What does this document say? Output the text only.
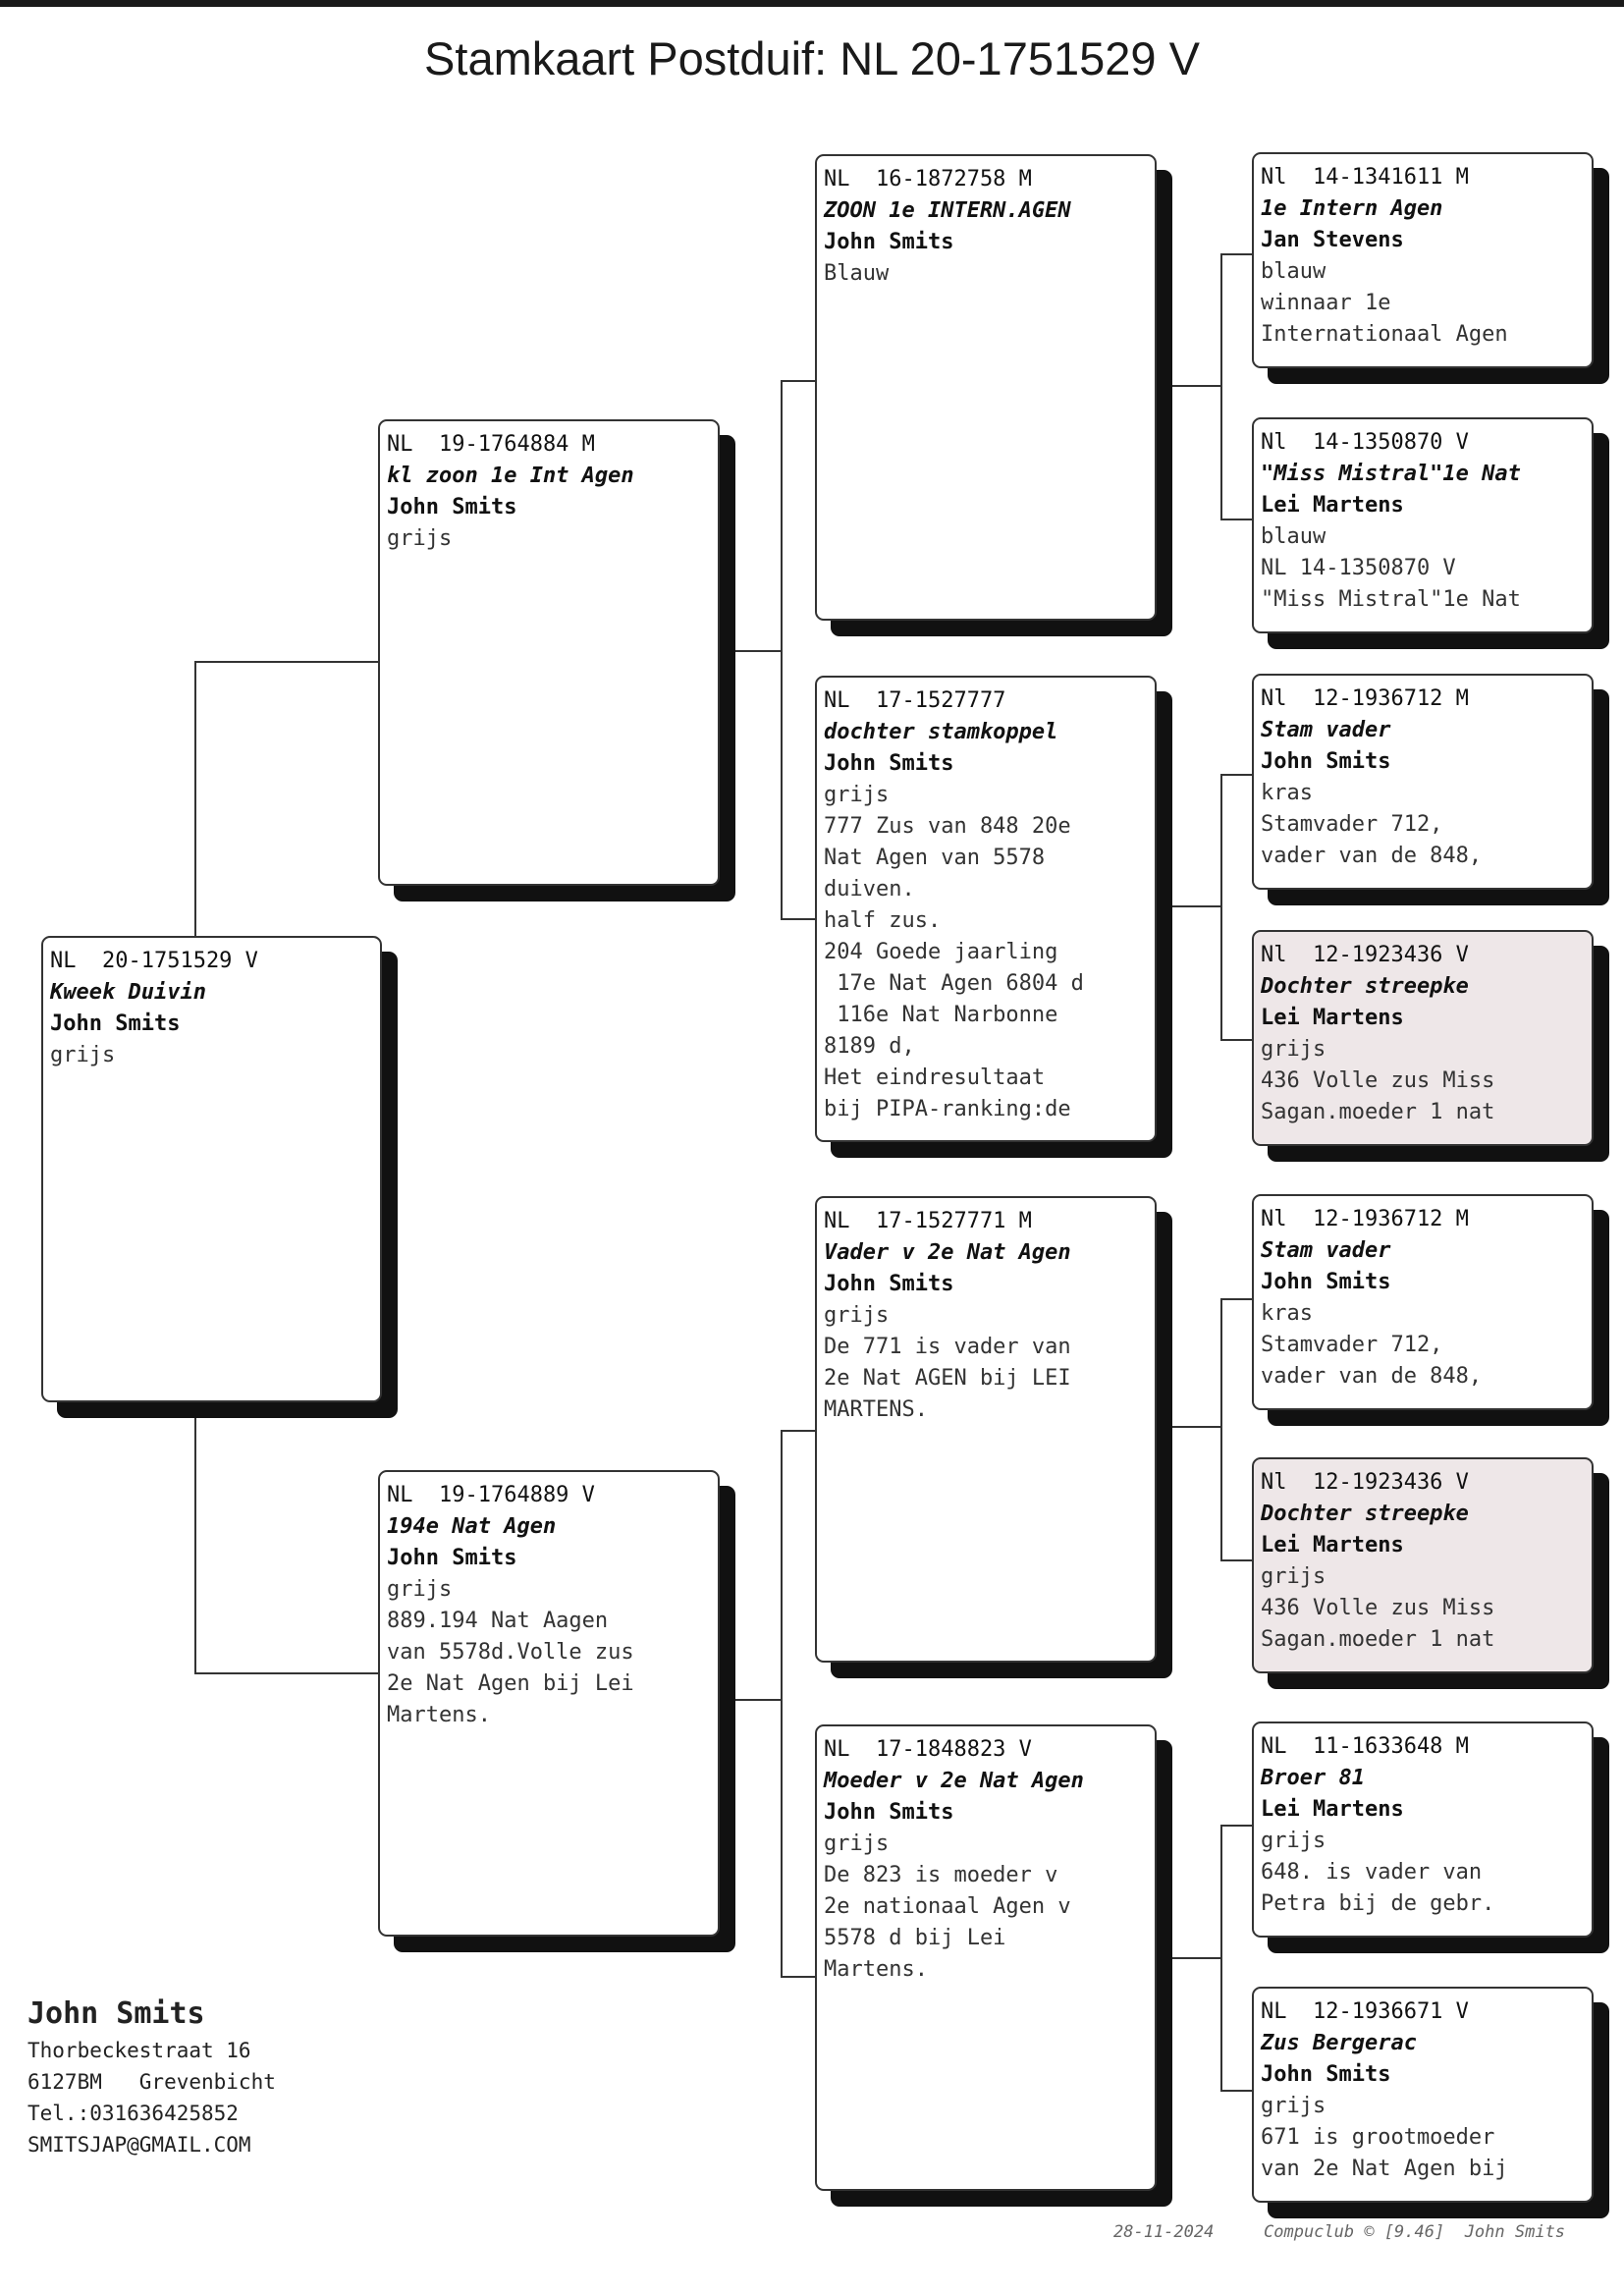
Stamkaart Postduif: NL 20-1751529 V
NL  20-1751529 V
Kweek Duivin
John Smits
grijs
NL  19-1764884 M
kl zoon 1e Int Agen
John Smits
grijs
NL  19-1764889 V
194e Nat Agen
John Smits
grijs
889.194 Nat Aagen
van 5578d.Volle zus
2e Nat Agen bij Lei
Martens.
NL  16-1872758 M
ZOON 1e INTERN.AGEN
John Smits
Blauw
NL  17-1527777
dochter stamkoppel
John Smits
grijs
777 Zus van 848 20e
Nat Agen van 5578
duiven.
half zus.
204 Goede jaarling
17e Nat Agen 6804 d
116e Nat Narbonne
8189 d,
Het eindresultaat
bij PIPA-ranking:de
NL  17-1527771 M
Vader v 2e Nat Agen
John Smits
grijs
De 771 is vader van
2e Nat AGEN bij LEI
MARTENS.
NL  17-1848823 V
Moeder v 2e Nat Agen
John Smits
grijs
De 823 is moeder v
2e nationaal Agen v
5578 d bij Lei
Martens.
Nl  14-1341611 M
1e Intern Agen
Jan Stevens
blauw
winnaar 1e
Internationaal Agen
Nl  14-1350870 V
"Miss Mistral"1e Nat
Lei Martens
blauw
NL 14-1350870 V
"Miss Mistral"1e Nat
Nl  12-1936712 M
Stam vader
John Smits
kras
Stamvader 712,
vader van de 848,
Nl  12-1923436 V
Dochter streepke
Lei Martens
grijs
436 Volle zus Miss
Sagan.moeder 1 nat
Nl  12-1936712 M
Stam vader
John Smits
kras
Stamvader 712,
vader van de 848,
Nl  12-1923436 V
Dochter streepke
Lei Martens
grijs
436 Volle zus Miss
Sagan.moeder 1 nat
NL  11-1633648 M
Broer 81
Lei Martens
grijs
648. is vader van
Petra bij de gebr.
NL  12-1936671 V
Zus Bergerac
John Smits
grijs
671 is grootmoeder
van 2e Nat Agen bij
John Smits
Thorbeckestraat 16
6127BM   Grevenbicht
Tel.:031636425852
SMITSJAP@GMAIL.COM
28-11-2024	Compuclub © [9.46]  John Smits
